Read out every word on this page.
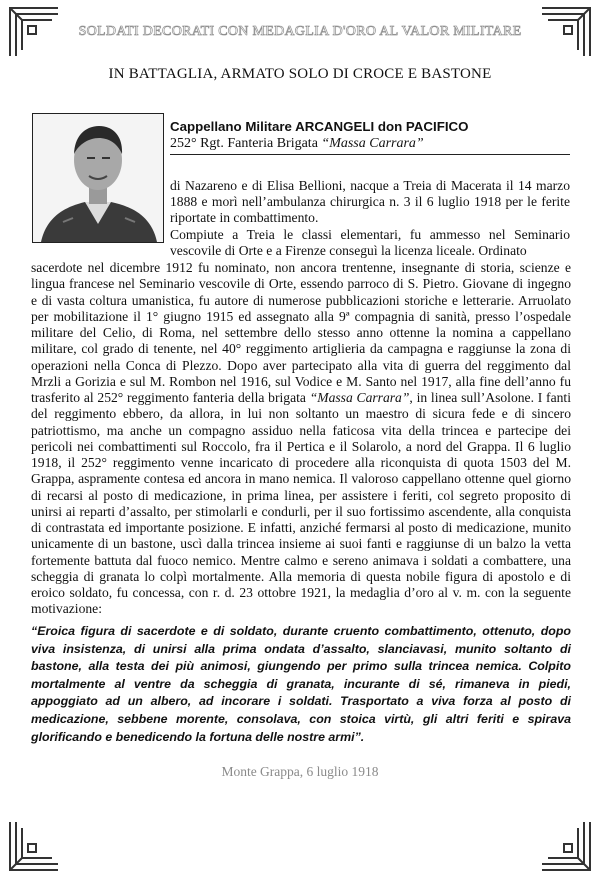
SOLDATI DECORATI CON MEDAGLIA D'ORO AL VALOR MILITARE
IN BATTAGLIA, ARMATO SOLO DI CROCE E BASTONE
Cappellano Militare ARCANGELI don PACIFICO
252° Rgt. Fanteria Brigata “Massa Carrara”

di Nazareno e di Elisa Bellioni, nacque a Treia di Macerata il 14 marzo 1888 e morì nell’ambulanza chirurgica n. 3 il 6 luglio 1918 per le ferite riportate in combattimento.

Compiute a Treia le classi elementari, fu ammesso nel Seminario vescovile di Orte e a Firenze conseguì la licenza liceale. Ordinato

sacerdote nel dicembre 1912 fu nominato, non ancora trentenne, insegnante di storia, scienze e lingua francese nel Seminario vescovile di Orte, essendo parroco di S. Pietro. Giovane di ingegno e di vasta coltura umanistica, fu autore di numerose pubblicazioni storiche e letterarie. Arruolato per mobilitazione il 1° giugno 1915 ed assegnato alla 9ª compagnia di sanità, presso l’ospedale militare del Celio, di Roma, nel settembre dello stesso anno ottenne la nomina a cappellano militare, col grado di tenente, nel 40° reggimento artiglieria da campagna e raggiunse la zona di operazioni nella Conca di Plezzo. Dopo aver partecipato alla vita di guerra del reggimento dal Mrzli a Gorizia e sul M. Rombon nel 1916, sul Vodice e M. Santo nel 1917, alla fine dell’anno fu trasferito al 252° reggimento fanteria della brigata “Massa Carrara”, in linea sull’Asolone. I fanti del reggimento ebbero, da allora, in lui non soltanto un maestro di sicura fede e di sincero patriottismo, ma anche un compagno assiduo nella faticosa vita della trincea e partecipe dei pericoli nei combattimenti sul Roccolo, fra il Pertica e il Solarolo, a nord del Grappa. Il 6 luglio 1918, il 252° reggimento venne incaricato di procedere alla riconquista di quota 1503 del M. Grappa, aspramente contesa ed ancora in mano nemica. Il valoroso cappellano ottenne quel giorno di recarsi al posto di medicazione, in prima linea, per assistere i feriti, col segreto proposito di unirsi ai reparti d’assalto, per stimolarli e condurli, per il suo fortissimo ascendente, alla conquista di contrastata ed importante posizione. E infatti, anziché fermarsi al posto di medicazione, munito unicamente di un bastone, uscì dalla trincea insieme ai suoi fanti e raggiunse di un balzo la vetta fortemente battuta dal fuoco nemico. Mentre calmo e sereno animava i soldati a combattere, una scheggia di granata lo colpì mortalmente. Alla memoria di questa nobile figura di apostolo e di eroico soldato, fu concessa, con r. d. 23 ottobre 1921, la medaglia d’oro al v. m. con la seguente motivazione:

“Eroica figura di sacerdote e di soldato, durante cruento combattimento, ottenuto, dopo viva insistenza, di unirsi alla prima ondata d’assalto, slanciavasi, munito soltanto di bastone, alla testa dei più animosi, giungendo per primo sulla trincea nemica. Colpito mortalmente al ventre da scheggia di granata, incurante di sé, rimaneva in piedi, appoggiato ad un albero, ad incorare i soldati. Trasportato a viva forza al posto di medicazione, sebbene morente, consolava, con stoica virtù, gli altri feriti e spirava glorificando e benedicendo la fortuna delle nostre armi”.
Monte Grappa, 6 luglio 1918
